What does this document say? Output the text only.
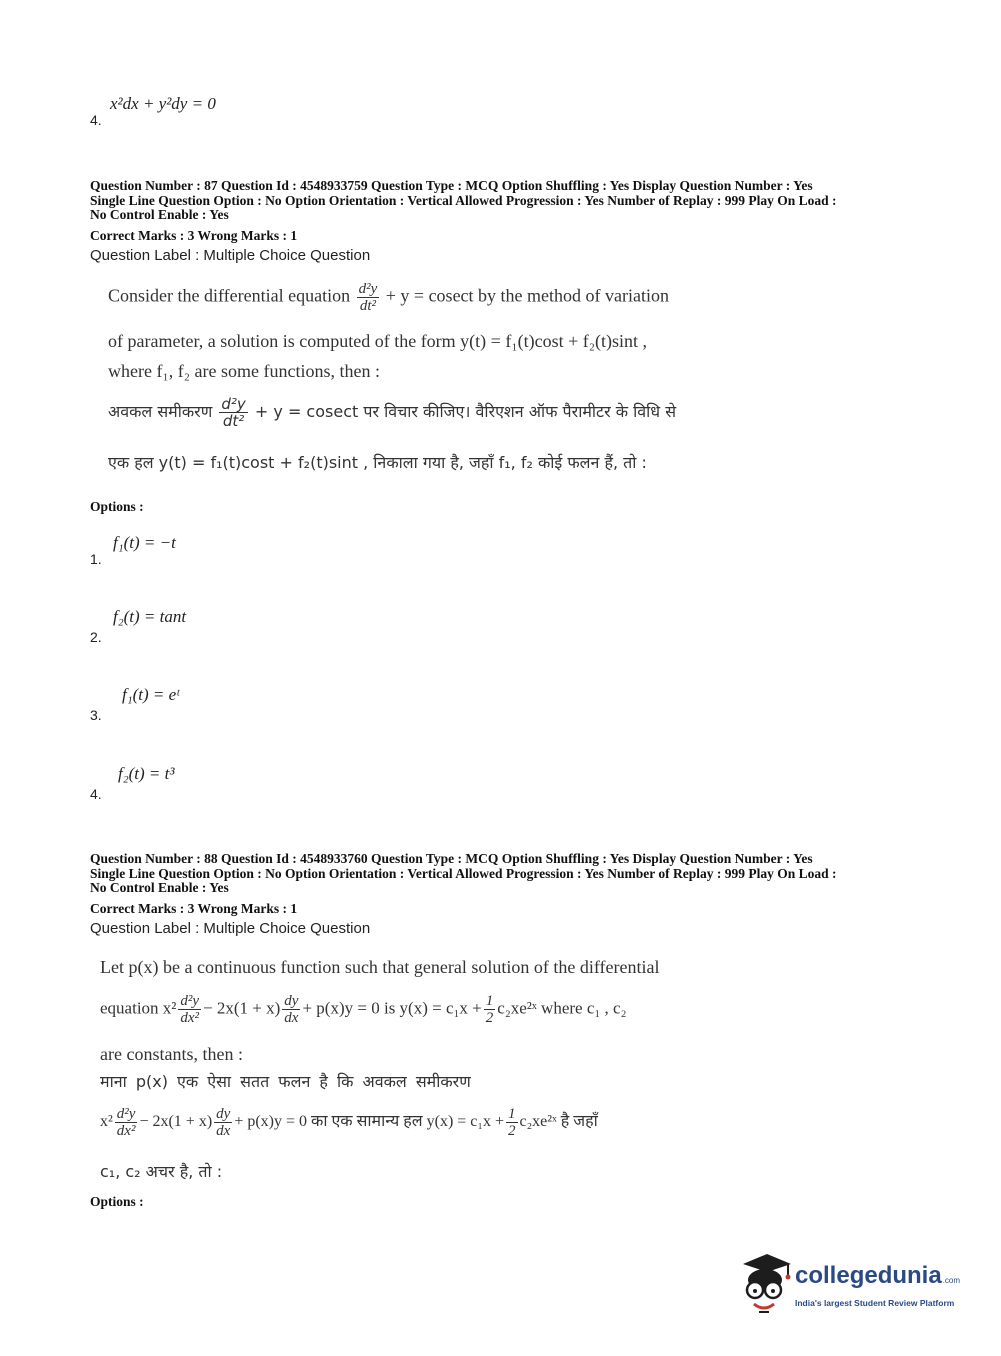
x²dx + y²dy = 0
4.
Question Number : 87 Question Id : 4548933759 Question Type : MCQ Option Shuffling : Yes Display Question Number : Yes
Single Line Question Option : No Option Orientation : Vertical Allowed Progression : Yes Number of Replay : 999 Play On Load :
No Control Enable : Yes
Correct Marks : 3 Wrong Marks : 1
Question Label : Multiple Choice Question
Consider the differential equation $\frac{\text{d²y}}{\text{dt²}} + y = cosect$ by the method of variation
of parameter, a solution is computed of the form y(t) = f₁(t)cost + f₂(t)sint ,
where f₁, f₂ are some functions, then :
अवकल समीकरण $\frac{\text{d²y}}{\text{dt²}} + y = cosect$ पर विचार कीजिए। वैरिएशन ऑफ पैरामीटर के विधि से
एक हल y(t) = f₁(t)cost + f₂(t)sint , निकाला गया है, जहाँ f₁, f₂ कोई फलन हैं, तो :
Options :
f₁(t) = −t
1.
f₂(t) = tant
2.
f₁(t) = eᵗ
3.
f₂(t) = t³
4.
Question Number : 88 Question Id : 4548933760 Question Type : MCQ Option Shuffling : Yes Display Question Number : Yes
Single Line Question Option : No Option Orientation : Vertical Allowed Progression : Yes Number of Replay : 999 Play On Load :
No Control Enable : Yes
Correct Marks : 3 Wrong Marks : 1
Question Label : Multiple Choice Question
Let p(x) be a continuous function such that general solution of the differential
equation $x^2 \frac{\text{d²y}}{\text{dx²}} - 2x(1 + x) \frac{dy}{dx} + p(x)y = 0$ is $y(x) = c_1x + \frac{1}{2}$ c₂xe²ˣ where c₁ , c₂
are constants, then :
माना p(x) एक ऐसा सतत फलन है कि अवकल समीकरण
$x^2 \frac{\text{d²y}}{\text{dx²}} - 2x(1 + x) \frac{dy}{dx} + p(x)y = 0$ का एक सामान्य हल $y(x) = c_1x + \frac{1}{2}$ c₂xe²ˣ है जहाँ
c₁, c₂ अचर है, तो :
Options :
collegedunia.com
India's largest Student Review Platform
